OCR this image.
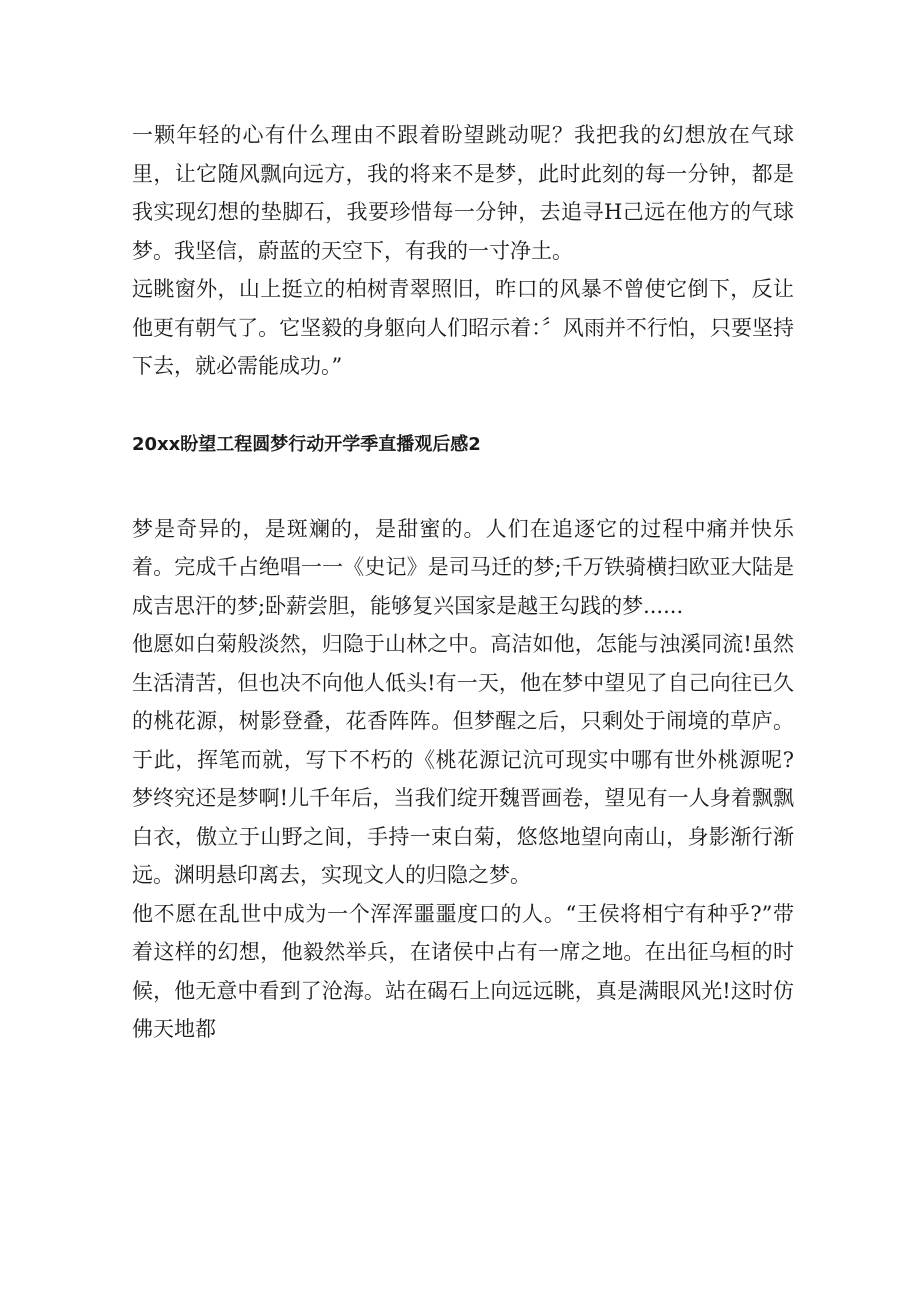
一颗年轻的心有什么理由不跟着盼望跳动呢？我把我的幻想放在气球里，让它随风飘向远方，我的将来不是梦，此时此刻的每一分钟，都是我实现幻想的垫脚石，我要珍惜每一分钟，去追寻H己远在他方的气球梦。我坚信，蔚蓝的天空下，有我的一寸净土。

远眺窗外，山上挺立的柏树青翠照旧，昨口的风暴不曾使它倒下，反让他更有朝气了。它坚毅的身躯向人们昭示着：〞风雨并不行怕，只要坚持下去，就必需能成功。”

20xx盼望工程圆梦行动开学季直播观后感2

梦是奇异的，是斑斓的，是甜蜜的。人们在追逐它的过程中痛并快乐着。完成千占绝唱一一《史记》是司马迁的梦;千万铁骑横扫欧亚大陆是成吉思汗的梦;卧薪尝胆，能够复兴国家是越王勾践的梦......

他愿如白菊般淡然，归隐于山林之中。高洁如他，怎能与浊溪同流!虽然生活清苦，但也决不向他人低头!有一天，他在梦中望见了自己向往已久的桃花源，树影登叠，花香阵阵。但梦醒之后，只剩处于闹境的草庐。于此，挥笔而就，写下不朽的《桃花源记沆可现实中哪有世外桃源呢?梦终究还是梦啊!儿千年后，当我们绽开魏晋画卷，望见有一人身着飘飘白衣，傲立于山野之间，手持一束白菊，悠悠地望向南山，身影渐行渐远。渊明悬印离去，实现文人的归隐之梦。

他不愿在乱世中成为一个浑浑噩噩度口的人。“王侯将相宁有种乎?”带着这样的幻想，他毅然举兵，在诸侯中占有一席之地。在出征乌桓的时候，他无意中看到了沧海。站在碣石上向远远眺，真是满眼风光!这时仿佛天地都
